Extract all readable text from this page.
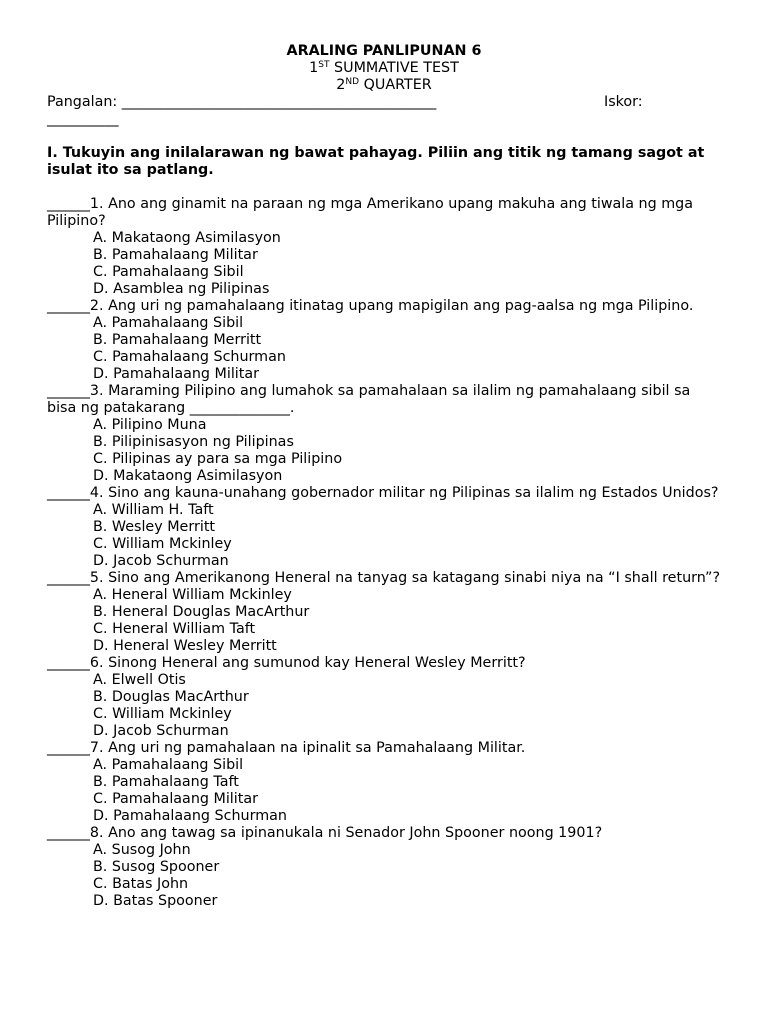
ARALING PANLIPUNAN 6
1ST SUMMATIVE TEST
2ND QUARTER
Pangalan: ____________________________________________	Iskor:
__________
I. Tukuyin ang inilalarawan ng bawat pahayag. Piliin ang titik ng tamang sagot at isulat ito sa patlang.
______1. Ano ang ginamit na paraan ng mga Amerikano upang makuha ang tiwala ng mga Pilipino?
A. Makataong Asimilasyon
B. Pamahalaang Militar
C. Pamahalaang Sibil
D. Asamblea ng Pilipinas
______2. Ang uri ng pamahalaang itinatag upang mapigilan ang pag-aalsa ng mga Pilipino.
A. Pamahalaang Sibil
B. Pamahalaang Merritt
C. Pamahalaang Schurman
D. Pamahalaang Militar
______3. Maraming Pilipino ang lumahok sa pamahalaan sa ilalim ng pamahalaang sibil sa bisa ng patakarang ______________.
A. Pilipino Muna
B. Pilipinisasyon ng Pilipinas
C. Pilipinas ay para sa mga Pilipino
D. Makataong Asimilasyon
______4. Sino ang kauna-unahang gobernador militar ng Pilipinas sa ilalim ng Estados Unidos?
A. William H. Taft
B. Wesley Merritt
C. William Mckinley
D. Jacob Schurman
______5. Sino ang Amerikanong Heneral na tanyag sa katagang sinabi niya na “I shall return”?
A. Heneral William Mckinley
B. Heneral Douglas MacArthur
C. Heneral William Taft
D. Heneral Wesley Merritt
______6. Sinong Heneral ang sumunod kay Heneral Wesley Merritt?
A. Elwell Otis
B. Douglas MacArthur
C. William Mckinley
D. Jacob Schurman
______7. Ang uri ng pamahalaan na ipinalit sa Pamahalaang Militar.
A. Pamahalaang Sibil
B. Pamahalaang Taft
C. Pamahalaang Militar
D. Pamahalaang Schurman
______8. Ano ang tawag sa ipinanukala ni Senador John Spooner noong 1901?
A. Susog John
B. Susog Spooner
C. Batas John
D. Batas Spooner
